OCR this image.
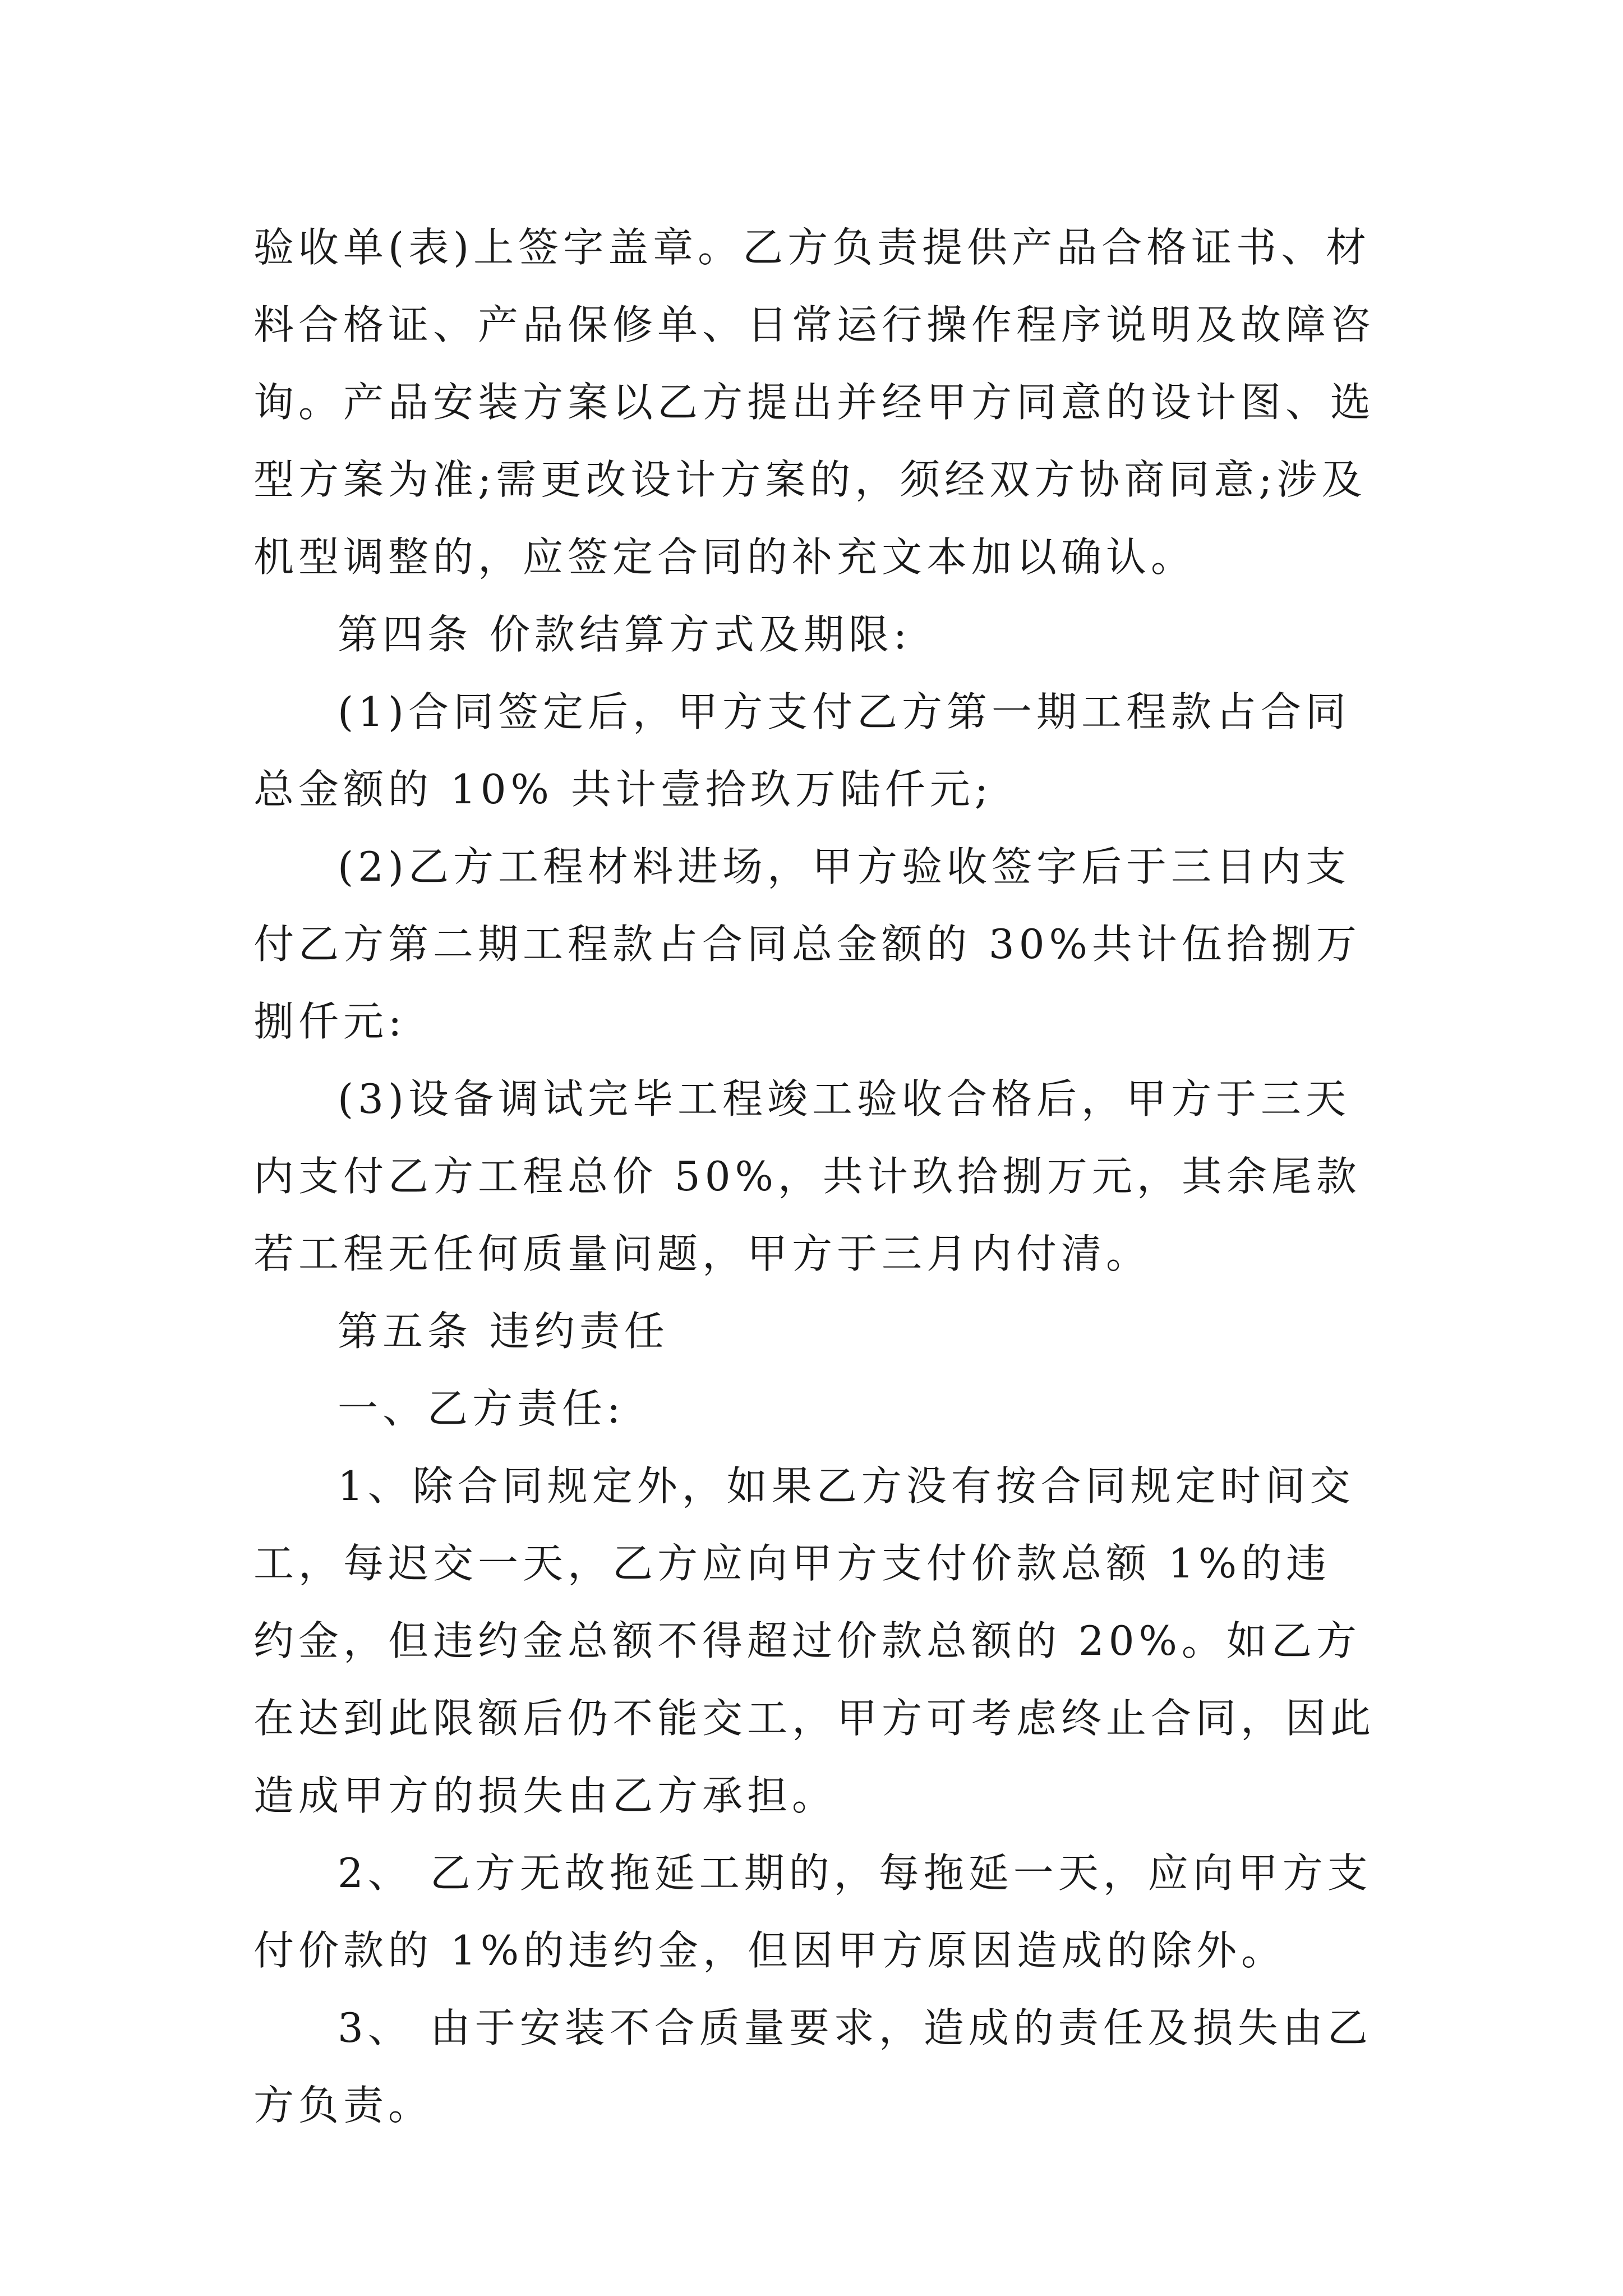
验收单(表)上签字盖章。乙方负责提供产品合格证书、材料合格证、产品保修单、日常运行操作程序说明及故障咨询。产品安装方案以乙方提出并经甲方同意的设计图、选型方案为准;需更改设计方案的，须经双方协商同意;涉及机型调整的，应签定合同的补充文本加以确认。

第四条 价款结算方式及期限:

(1)合同签定后，甲方支付乙方第一期工程款占合同总金额的 10% 共计壹拾玖万陆仟元;

(2)乙方工程材料进场，甲方验收签字后于三日内支付乙方第二期工程款占合同总金额的 30%共计伍拾捌万捌仟元:

(3)设备调试完毕工程竣工验收合格后，甲方于三天内支付乙方工程总价 50%，共计玖拾捌万元，其余尾款若工程无任何质量问题，甲方于三月内付清。

第五条 违约责任

一、乙方责任:

1、除合同规定外，如果乙方没有按合同规定时间交工，每迟交一天，乙方应向甲方支付价款总额 1%的违约金，但违约金总额不得超过价款总额的 20%。如乙方在达到此限额后仍不能交工，甲方可考虑终止合同，因此造成甲方的损失由乙方承担。

2、 乙方无故拖延工期的，每拖延一天，应向甲方支付价款的 1%的违约金，但因甲方原因造成的除外。

3、 由于安装不合质量要求，造成的责任及损失由乙方负责。
